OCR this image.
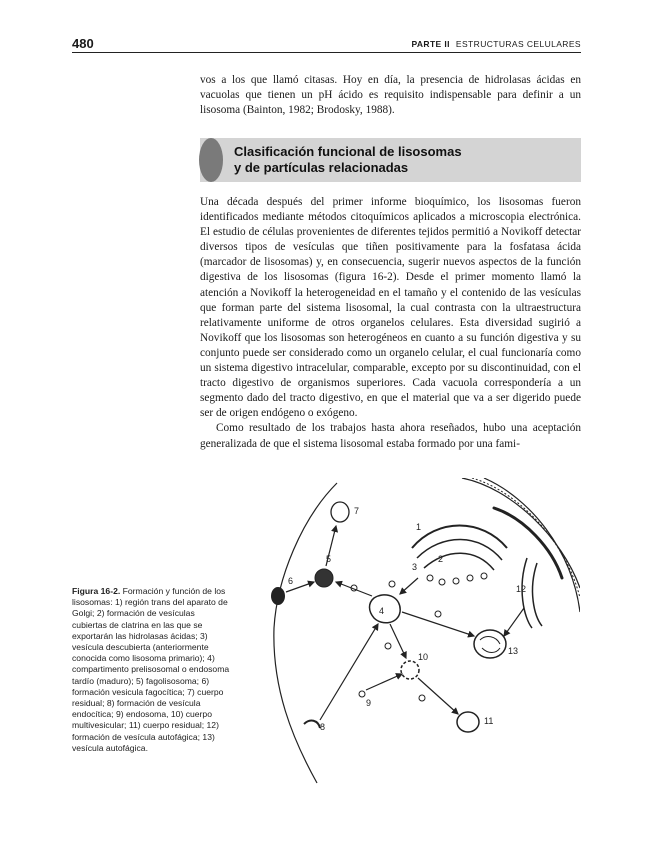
480	PARTE II ESTRUCTURAS CELULARES

vos a los que llamó citasas. Hoy en día, la presencia de hidrolasas ácidas en vacuolas que tienen un pH ácido es requisito indispensable para definir a un lisosoma (Bainton, 1982; Brodosky, 1988).

Clasificación funcional de lisosomas
y de partículas relacionadas

Una década después del primer informe bioquímico, los lisosomas fueron identificados mediante métodos citoquímicos aplicados a microscopia electrónica. El estudio de células provenientes de diferentes tejidos permitió a Novikoff detectar diversos tipos de vesículas que tiñen positivamente para la fosfatasa ácida (marcador de lisosomas) y, en consecuencia, sugerir nuevos aspectos de la función digestiva de los lisosomas (figura 16-2). Desde el primer momento llamó la atención a Novikoff la heterogeneidad en el tamaño y el contenido de las vesículas que forman parte del sistema lisosomal, la cual contrasta con la ultraestructura relativamente uniforme de otros organelos celulares. Esta diversidad sugirió a Novikoff que los lisosomas son heterogéneos en cuanto a su función digestiva y su conjunto puede ser considerado como un organelo celular, el cual funcionaría como un sistema digestivo intracelular, comparable, excepto por su discontinuidad, con el tracto digestivo de organismos superiores. Cada vacuola correspondería a un segmento dado del tracto digestivo, en que el material que va a ser digerido puede ser de origen endógeno o exógeno.

Como resultado de los trabajos hasta ahora reseñados, hubo una aceptación generalizada de que el sistema lisosomal estaba formado por una fami-

Figura 16-2. Formación y función de los lisosomas: 1) región trans del aparato de Golgi; 2) formación de vesículas cubiertas de clatrina en las que se exportarán las hidrolasas ácidas; 3) vesícula descubierta (anteriormente conocida como lisosoma primario); 4) compartimento prelisosomal o endosoma tardío (maduro); 5) fagolisosoma; 6) formación vesicula fagocítica; 7) cuerpo residual; 8) formación de vesícula endocítica; 9) endosoma, 10) cuerpo multivesicular; 11) cuerpo residual; 12) formación de vesícula autofágica; 13) vesícula autofágica.
1
2
3
4
5
6
7
8
9
10
11
12
13
